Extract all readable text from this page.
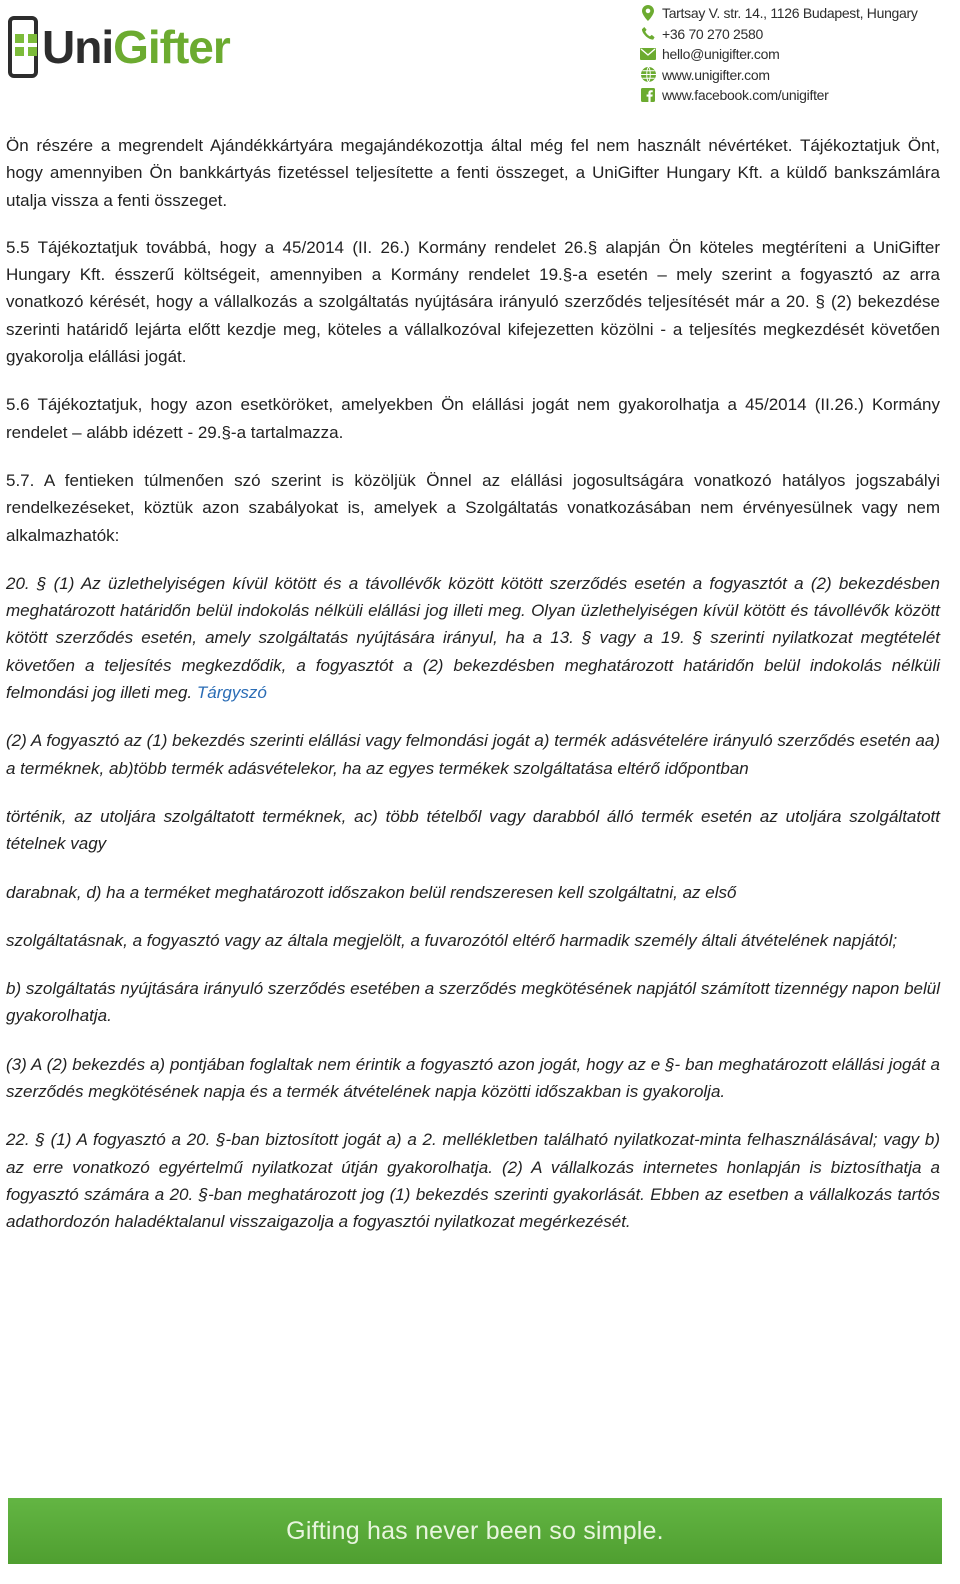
UniGifter
Tartsay V. str. 14., 1126 Budapest, Hungary
+36 70 270 2580
hello@unigifter.com
www.unigifter.com
www.facebook.com/unigifter

Ön részére a megrendelt Ajándékkártyára megajándékozottja által még fel nem használt névértéket. Tájékoztatjuk Önt, hogy amennyiben Ön bankkártyás fizetéssel teljesítette a fenti összeget, a UniGifter Hungary Kft. a küldő bankszámlára utalja vissza a fenti összeget.

5.5 Tájékoztatjuk továbbá, hogy a 45/2014 (II. 26.) Kormány rendelet 26.§ alapján Ön köteles megtéríteni a UniGifter Hungary Kft. ésszerű költségeit, amennyiben a Kormány rendelet 19.§-a esetén – mely szerint a fogyasztó az arra vonatkozó kérését, hogy a vállalkozás a szolgáltatás nyújtására irányuló szerződés teljesítését már a 20. § (2) bekezdése szerinti határidő lejárta előtt kezdje meg, köteles a vállalkozóval kifejezetten közölni - a teljesítés megkezdését követően gyakorolja elállási jogát.

5.6 Tájékoztatjuk, hogy azon esetköröket, amelyekben Ön elállási jogát nem gyakorolhatja a 45/2014 (II.26.) Kormány rendelet – alább idézett - 29.§-a tartalmazza.

5.7. A fentieken túlmenően szó szerint is közöljük Önnel az elállási jogosultságára vonatkozó hatályos jogszabályi rendelkezéseket, köztük azon szabályokat is, amelyek a Szolgáltatás vonatkozásában nem érvényesülnek vagy nem alkalmazhatók:

20. § (1) Az üzlethelyiségen kívül kötött és a távollévők között kötött szerződés esetén a fogyasztót a (2) bekezdésben meghatározott határidőn belül indokolás nélküli elállási jog illeti meg. Olyan üzlethelyiségen kívül kötött és távollévők között kötött szerződés esetén, amely szolgáltatás nyújtására irányul, ha a 13. § vagy a 19. § szerinti nyilatkozat megtételét követően a teljesítés megkezdődik, a fogyasztót a (2) bekezdésben meghatározott határidőn belül indokolás nélküli felmondási jog illeti meg. Tárgyszó

(2) A fogyasztó az (1) bekezdés szerinti elállási vagy felmondási jogát a) termék adásvételére irányuló szerződés esetén aa) a terméknek, ab)több termék adásvételekor, ha az egyes termékek szolgáltatása eltérő időpontban

történik, az utoljára szolgáltatott terméknek, ac) több tételből vagy darabból álló termék esetén az utoljára szolgáltatott tételnek vagy

darabnak, d) ha a terméket meghatározott időszakon belül rendszeresen kell szolgáltatni, az első

szolgáltatásnak, a fogyasztó vagy az általa megjelölt, a fuvarozótól eltérő harmadik személy általi átvételének napjától;

b) szolgáltatás nyújtására irányuló szerződés esetében a szerződés megkötésének napjától számított tizennégy napon belül gyakorolhatja.

(3) A (2) bekezdés a) pontjában foglaltak nem érintik a fogyasztó azon jogát, hogy az e §- ban meghatározott elállási jogát a szerződés megkötésének napja és a termék átvételének napja közötti időszakban is gyakorolja.

22. § (1) A fogyasztó a 20. §-ban biztosított jogát a) a 2. mellékletben található nyilatkozat-minta felhasználásával; vagy b) az erre vonatkozó egyértelmű nyilatkozat útján gyakorolhatja. (2) A vállalkozás internetes honlapján is biztosíthatja a fogyasztó számára a 20. §-ban meghatározott jog (1) bekezdés szerinti gyakorlását. Ebben az esetben a vállalkozás tartós adathordozón haladéktalanul visszaigazolja a fogyasztói nyilatkozat megérkezését.

Gifting has never been so simple.
